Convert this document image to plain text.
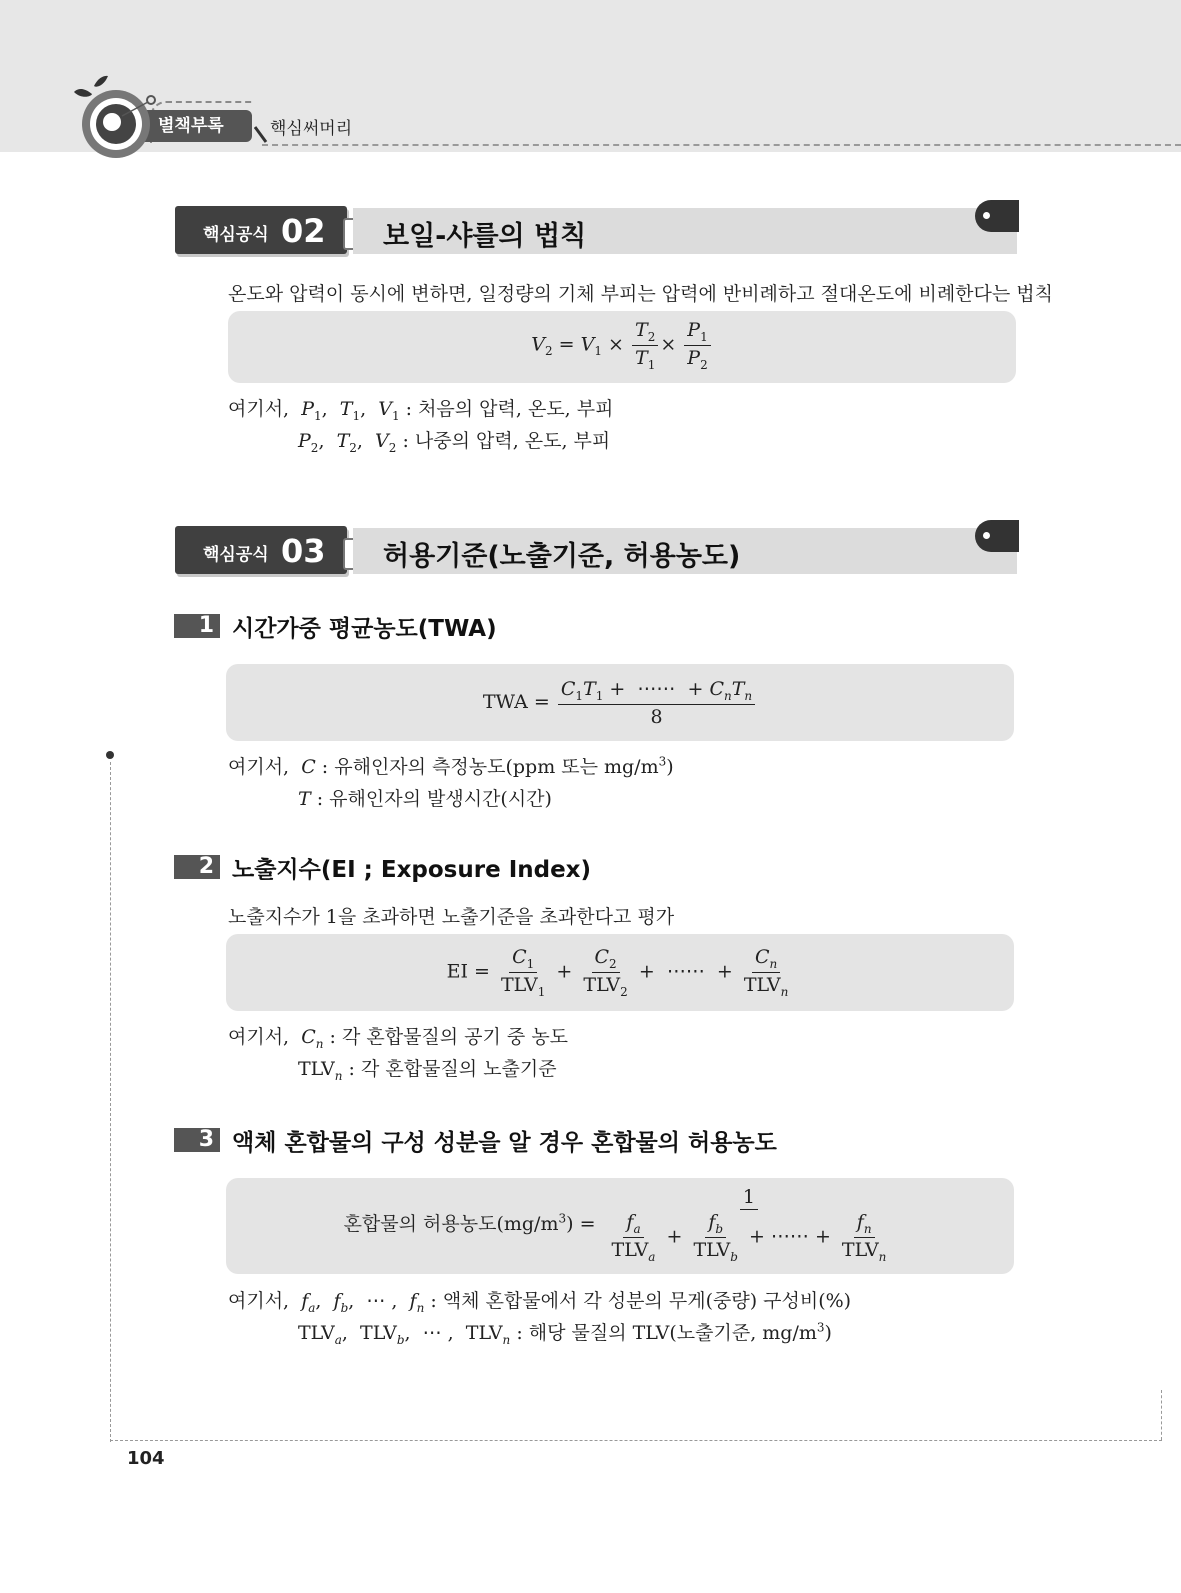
별책부록	핵심써머리
104
핵심공식 02 보일-샤를의 법칙
온도와 압력이 동시에 변하면, 일정량의 기체 부피는 압력에 반비례하고 절대온도에 비례한다는 법칙
$V_2 = V_1 \times \frac{T_2}{T_1} \times \frac{P_1}{P_2}$
여기서, $P_1$,  $T_1$,  $V_1$ : 처음의 압력, 온도, 부피
$P_2$,  $T_2$,  $V_2$ : 나중의 압력, 온도, 부피
핵심공식 03 허용기준(노출기준, 허용농도)
1 시간가중 평균농도(TWA)
TWA = $\frac{C_1T_1 + \cdots\cdots + C_nT_n}{8}$
여기서, C : 유해인자의 측정농도(ppm 또는 $mg/m^3$)
T : 유해인자의 발생시간(시간)
2 노출지수(EI ; Exposure Index)
노출지수가 1을 초과하면 노출기준을 초과한다고 평가
EI = $\frac{C_1}{TLV_1} + \frac{C_2}{TLV_2}$ +  ⋯⋯  + $\frac{C_n}{TLV_n}$
여기서, $C_n$ : 각 혼합물질의 공기 중 농도
$TLV_n$ : 각 혼합물질의 노출기준
3 액체 혼합물의 구성 성분을 알 경우 혼합물의 허용농도
혼합물의 허용농도$(mg/m^3) = \frac{1}{\frac{f_a}{TLV_a} + \frac{f_b}{TLV_b} + \cdots\cdots + \frac{f_n}{TLV_n}}$
여기서, $f_a$,  $f_b$,  ⋯ ,  $f_n$ : 액체 혼합물에서 각 성분의 무게(중량) 구성비(%)
$TLV_a$,  $TLV_b$,  ⋯ ,  $TLV_n$ : 해당 물질의 TLV(노출기준, $mg/m^3$)
